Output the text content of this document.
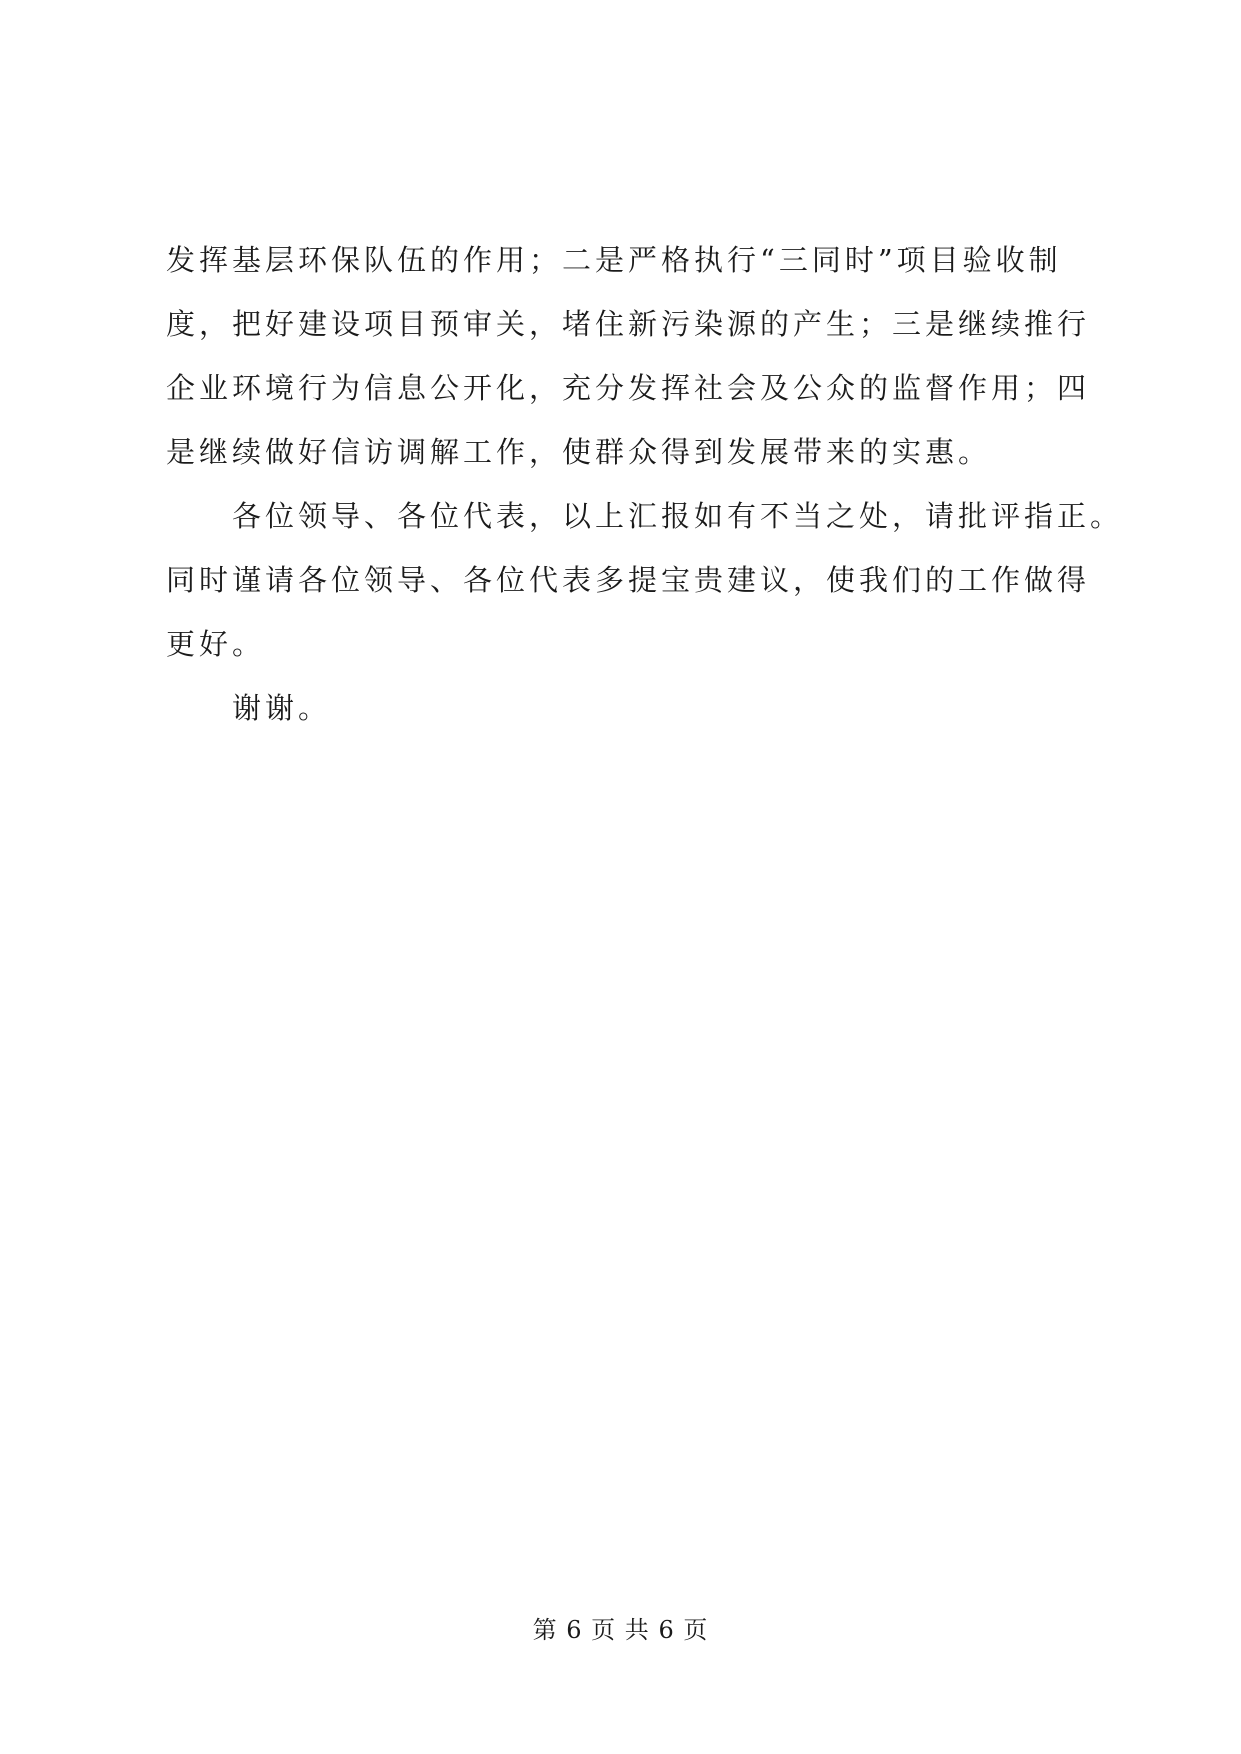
发挥基层环保队伍的作用；二是严格执行“三同时”项目验收制
度，把好建设项目预审关，堵住新污染源的产生；三是继续推行
企业环境行为信息公开化，充分发挥社会及公众的监督作用；四
是继续做好信访调解工作，使群众得到发展带来的实惠。

各位领导、各位代表，以上汇报如有不当之处，请批评指正。
同时谨请各位领导、各位代表多提宝贵建议，使我们的工作做得
更好。

谢谢。

第 6 页 共 6 页
